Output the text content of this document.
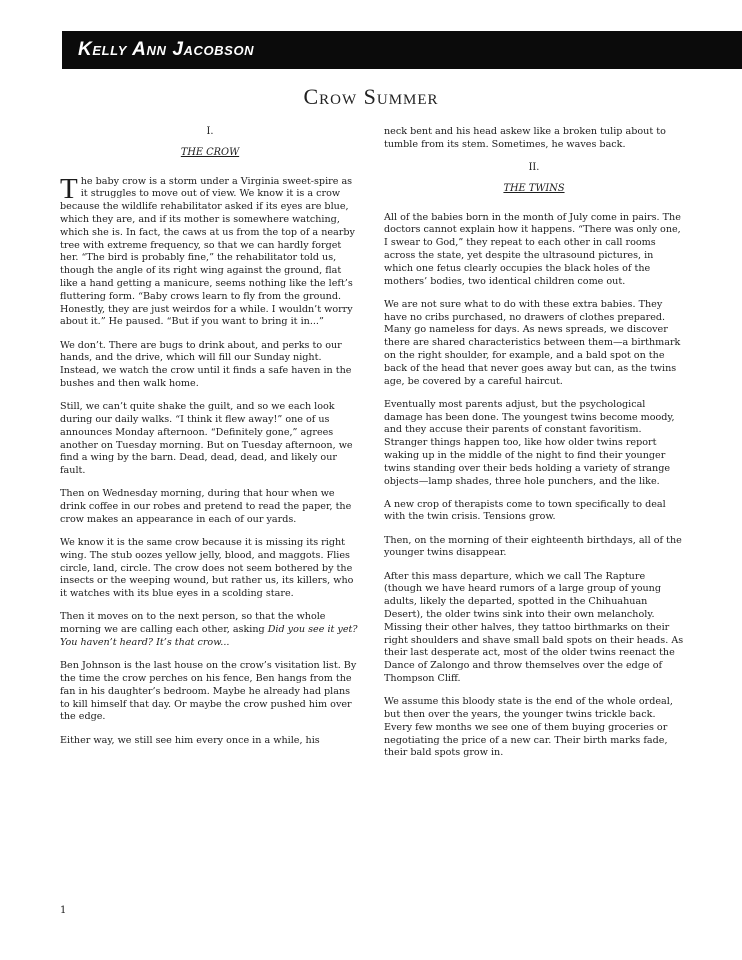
Kelly Ann Jacobson
Crow Summer
I.
THE CROW

The baby crow is a storm under a Virginia sweet-spire as it struggles to move out of view. We know it is a crow because the wildlife rehabilitator asked if its eyes are blue, which they are, and if its mother is somewhere watching, which she is. In fact, the caws at us from the top of a nearby tree with extreme frequency, so that we can hardly forget her. “The bird is probably fine,” the rehabilitator told us, though the angle of its right wing against the ground, flat like a hand getting a manicure, seems nothing like the left’s fluttering form. “Baby crows learn to fly from the ground. Honestly, they are just weirdos for a while. I wouldn’t worry about it.” He paused. “But if you want to bring it in...”

We don’t. There are bugs to drink about, and perks to our hands, and the drive, which will fill our Sunday night. Instead, we watch the crow until it finds a safe haven in the bushes and then walk home.

Still, we can’t quite shake the guilt, and so we each look during our daily walks. “I think it flew away!” one of us announces Monday afternoon. “Definitely gone,” agrees another on Tuesday morning. But on Tuesday afternoon, we find a wing by the barn. Dead, dead, dead, and likely our fault.

Then on Wednesday morning, during that hour when we drink coffee in our robes and pretend to read the paper, the crow makes an appearance in each of our yards.

We know it is the same crow because it is missing its right wing. The stub oozes yellow jelly, blood, and maggots. Flies circle, land, circle. The crow does not seem bothered by the insects or the weeping wound, but rather us, its killers, who it watches with its blue eyes in a scolding stare.

Then it moves on to the next person, so that the whole morning we are calling each other, asking Did you see it yet? You haven’t heard? It’s that crow...

Ben Johnson is the last house on the crow’s visitation list. By the time the crow perches on his fence, Ben hangs from the fan in his daughter’s bedroom. Maybe he already had plans to kill himself that day. Or maybe the crow pushed him over the edge.

Either way, we still see him every once in a while, his

neck bent and his head askew like a broken tulip about to tumble from its stem. Sometimes, he waves back.

II.
THE TWINS

All of the babies born in the month of July come in pairs. The doctors cannot explain how it happens. “There was only one, I swear to God,” they repeat to each other in call rooms across the state, yet despite the ultrasound pictures, in which one fetus clearly occupies the black holes of the mothers’ bodies, two identical children come out.

We are not sure what to do with these extra babies. They have no cribs purchased, no drawers of clothes prepared. Many go nameless for days. As news spreads, we discover there are shared characteristics between them—a birthmark on the right shoulder, for example, and a bald spot on the back of the head that never goes away but can, as the twins age, be covered by a careful haircut.

Eventually most parents adjust, but the psychological damage has been done. The youngest twins become moody, and they accuse their parents of constant favoritism. Stranger things happen too, like how older twins report waking up in the middle of the night to find their younger twins standing over their beds holding a variety of strange objects—lamp shades, three hole punchers, and the like.

A new crop of therapists come to town specifically to deal with the twin crisis. Tensions grow.

Then, on the morning of their eighteenth birthdays, all of the younger twins disappear.

After this mass departure, which we call The Rapture (though we have heard rumors of a large group of young adults, likely the departed, spotted in the Chihuahuan Desert), the older twins sink into their own melancholy. Missing their other halves, they tattoo birthmarks on their right shoulders and shave small bald spots on their heads. As their last desperate act, most of the older twins reenact the Dance of Zalongo and throw themselves over the edge of Thompson Cliff.

We assume this bloody state is the end of the whole ordeal, but then over the years, the younger twins trickle back. Every few months we see one of them buying groceries or negotiating the price of a new car. Their birth marks fade, their bald spots grow in.

1
